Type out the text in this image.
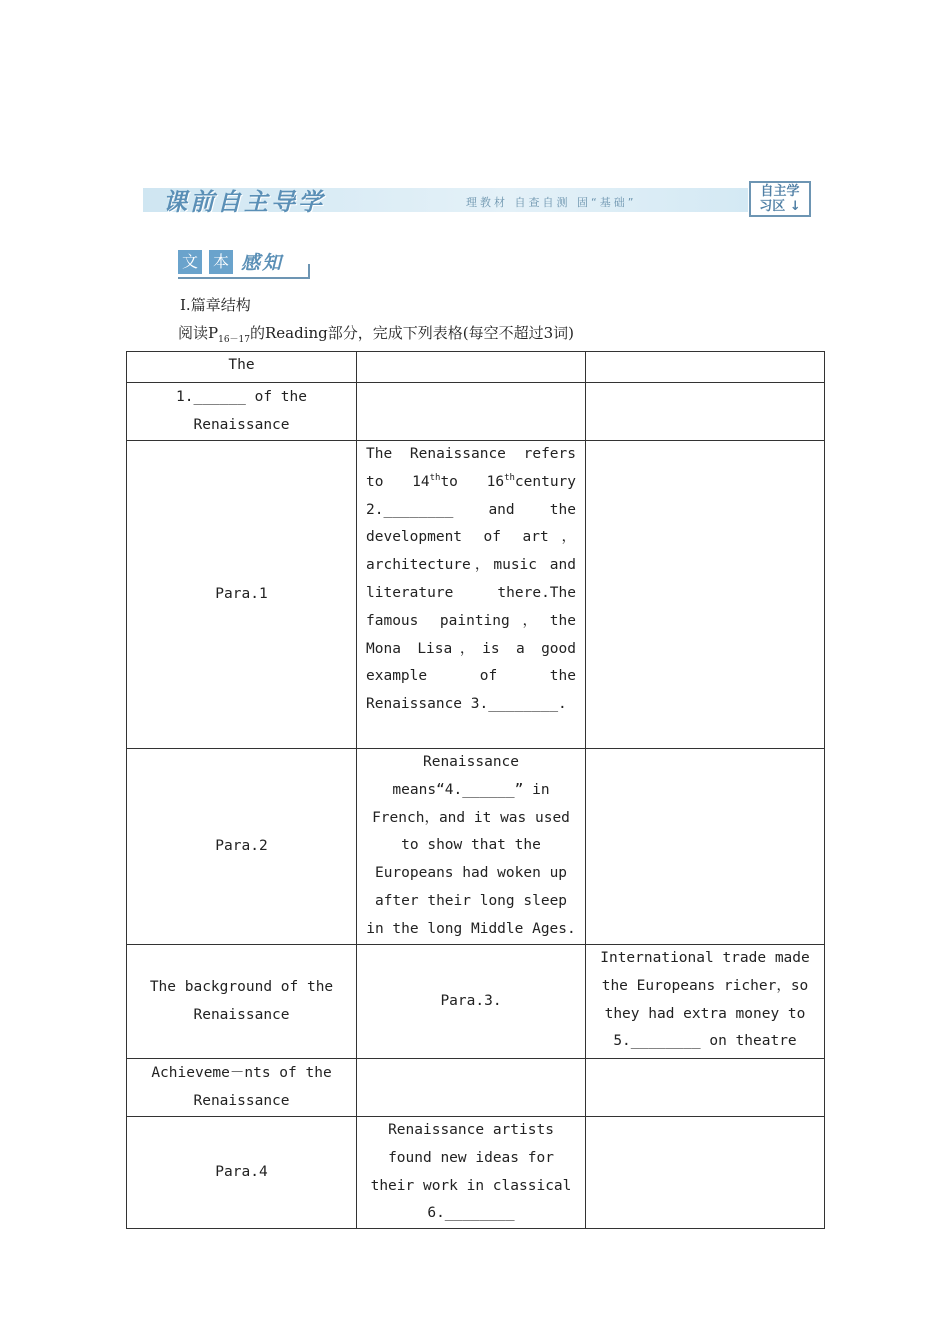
课前自主导学	理教材 自查自测 固“基础”
自主学
习区 ↓
文 本 感知
Ⅰ.篇章结构
阅读$P_{16-17}$的Reading部分，完成下列表格(每空不超过3词)
The		
1.______ of the Renaissance		
Para.1	The Renaissance refers to 14thto 16thcentury 2.________ and the development of art，architecture，music and literature there.The famous painting，the Mona Lisa，is a good example of the Renaissance 3.________.	
Para.2	Renaissance means“4.______” in French，and it was used to show that the Europeans had woken up after their long sleep in the long Middle Ages.	
The background of the Renaissance	Para.3.	International trade made the Europeans richer，so they had extra money to 5.________ on theatre
Achieveme－nts of the Renaissance		
Para.4	Renaissance artists found new ideas for their work in classical 6.________	
